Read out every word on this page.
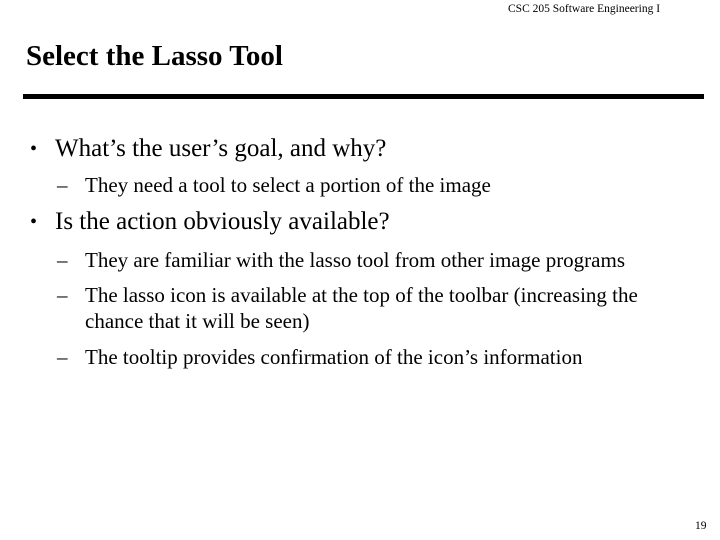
CSC 205 Software Engineering I
Select the Lasso Tool
• What’s the user’s goal, and why?
– They need a tool to select a portion of the image
• Is the action obviously available?
– They are familiar with the lasso tool from other image programs
– The lasso icon is available at the top of the toolbar (increasing the chance that it will be seen)
– The tooltip provides confirmation of the icon’s information
19
